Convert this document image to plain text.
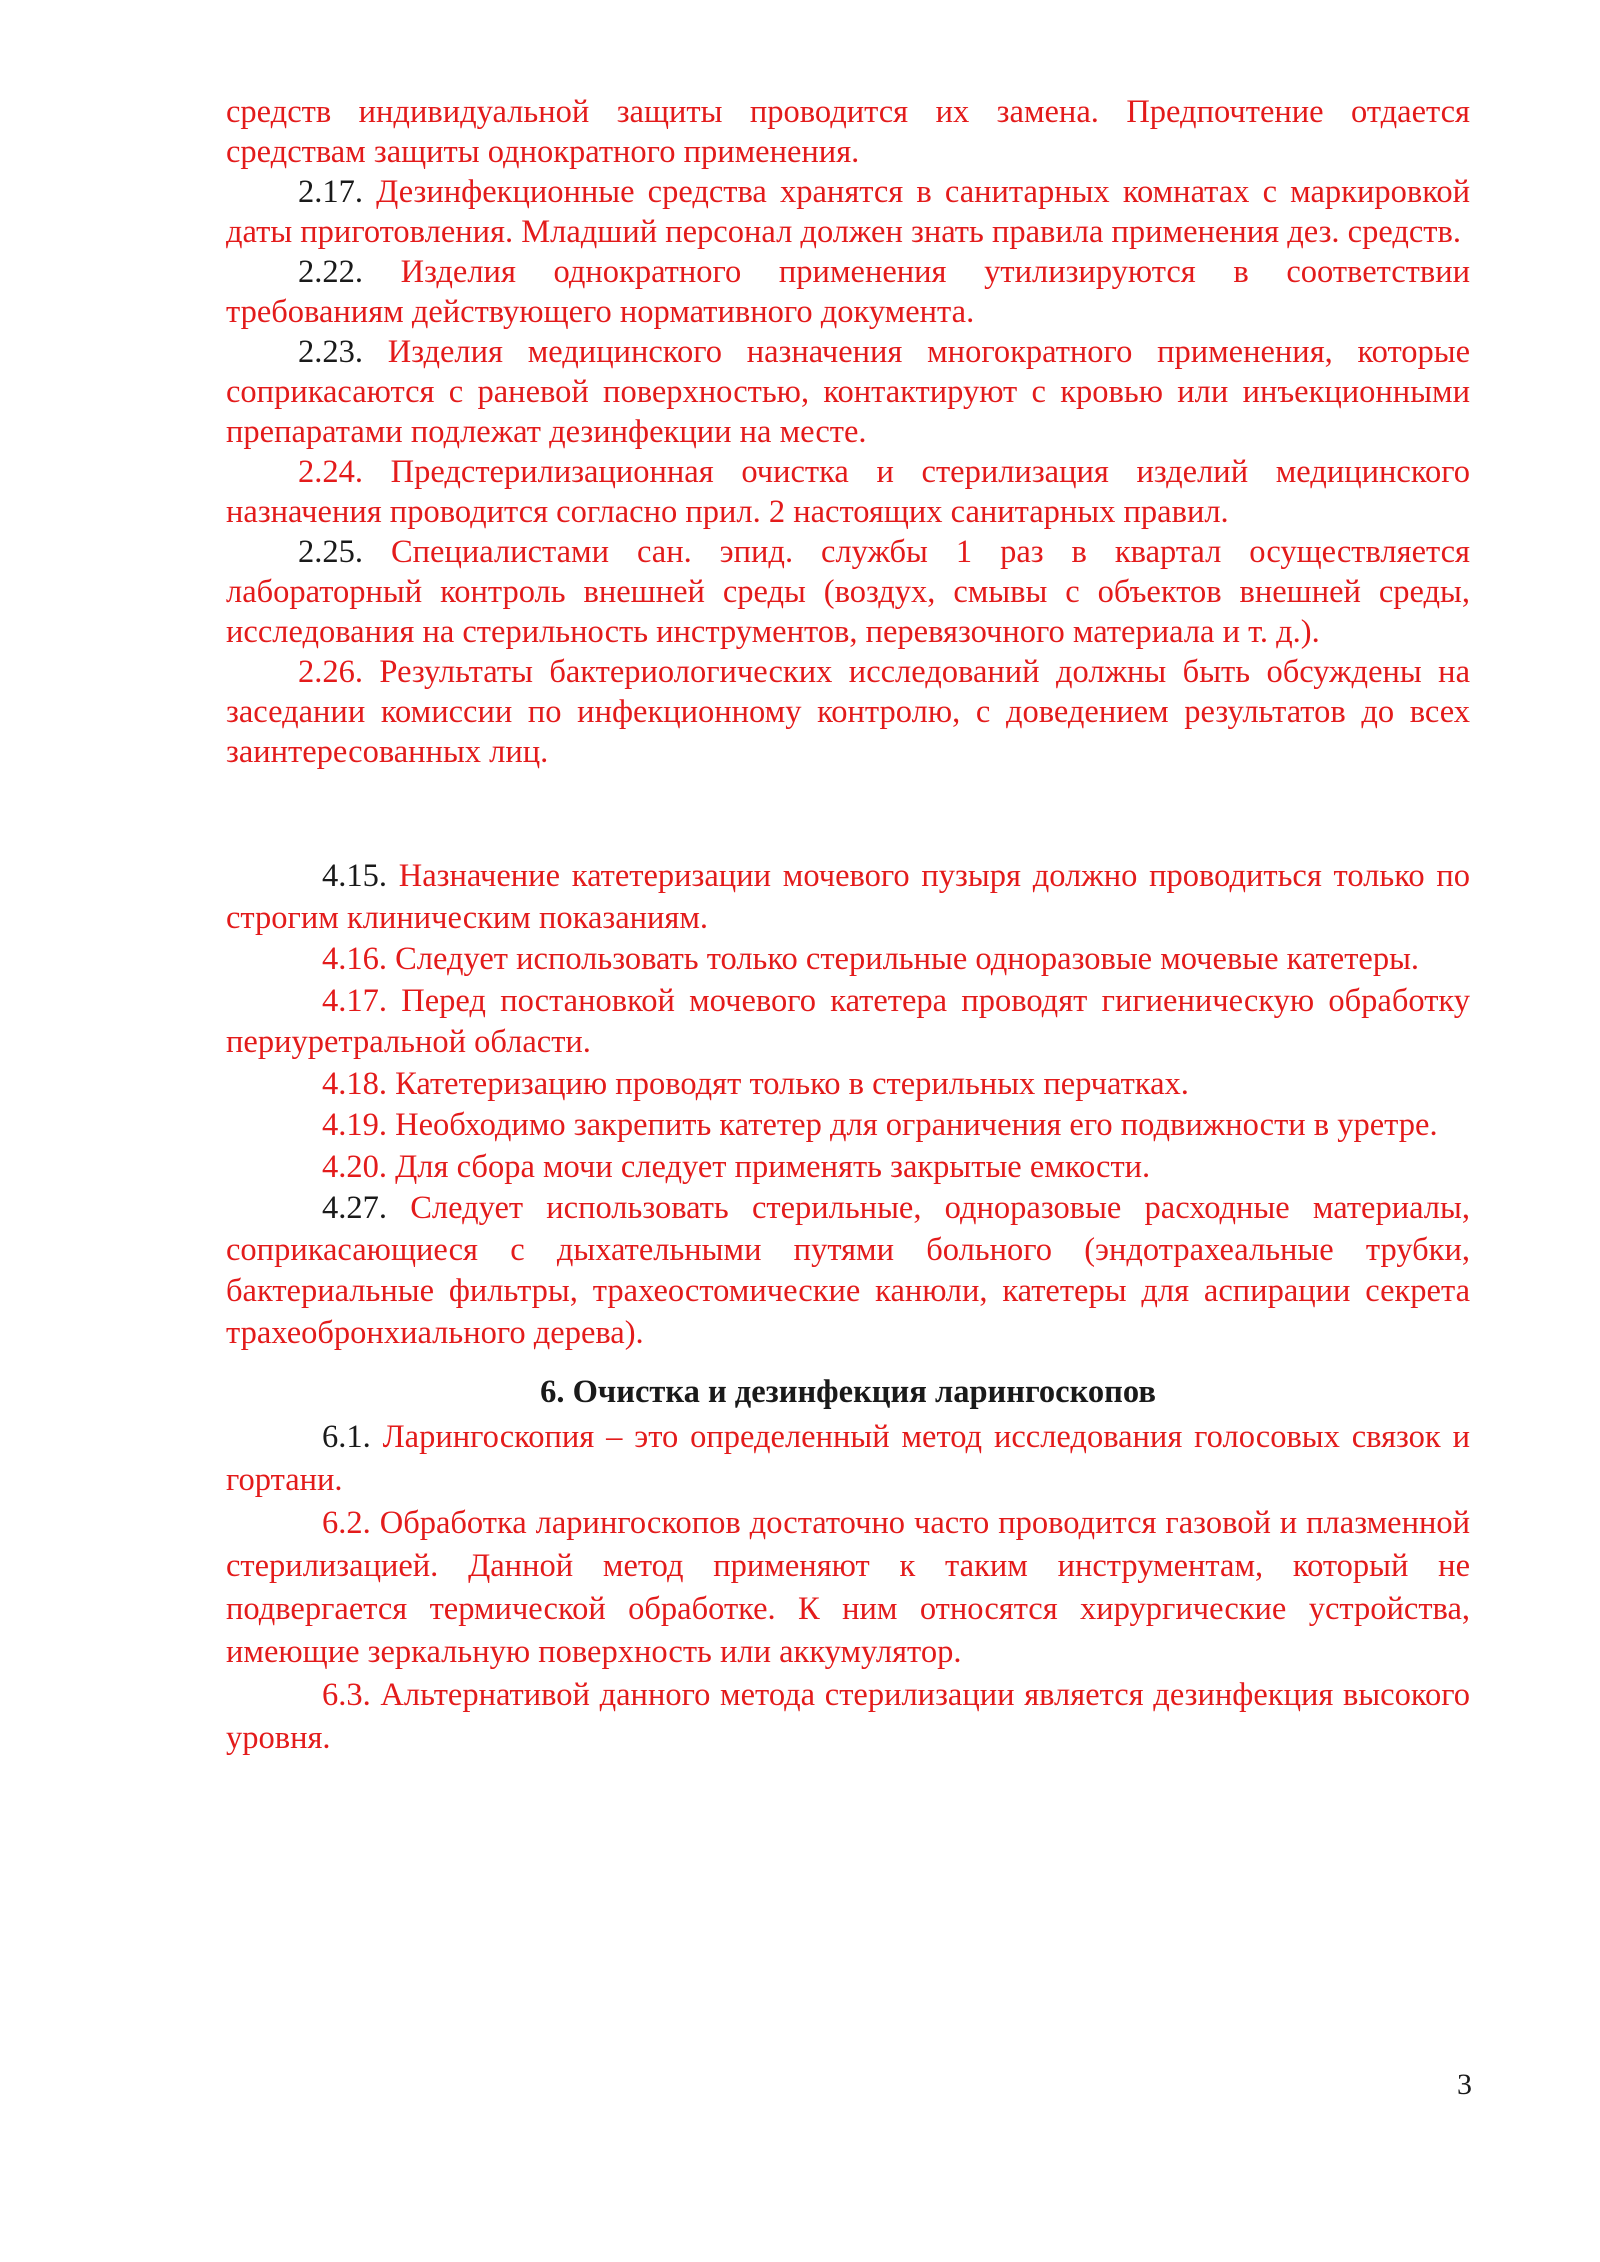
средств индивидуальной защиты проводится их замена. Предпочтение отдается средствам защиты однократного применения.

2.17. Дезинфекционные средства хранятся в санитарных комнатах с маркировкой даты приготовления. Младший персонал должен знать правила применения дез. средств.

2.22. Изделия однократного применения утилизируются в соответствии требованиям действующего нормативного документа.

2.23. Изделия медицинского назначения многократного применения, которые соприкасаются с раневой поверхностью, контактируют с кровью или инъекционными препаратами подлежат дезинфекции на месте.

2.24. Предстерилизационная очистка и стерилизация изделий медицинского назначения проводится согласно прил. 2 настоящих санитарных правил.

2.25. Специалистами сан. эпид. службы 1 раз в квартал осуществляется лабораторный контроль внешней среды (воздух, смывы с объектов внешней среды, исследования на стерильность инструментов, перевязочного материала и т. д.).

2.26. Результаты бактериологических исследований должны быть обсуждены на заседании комиссии по инфекционному контролю, с доведением результатов до всех заинтересованных лиц.

4.15. Назначение катетеризации мочевого пузыря должно проводиться только по строгим клиническим показаниям.

4.16. Следует использовать только стерильные одноразовые мочевые катетеры.

4.17. Перед постановкой мочевого катетера проводят гигиеническую обработку периуретральной области.

4.18. Катетеризацию проводят только в стерильных перчатках.

4.19. Необходимо закрепить катетер для ограничения его подвижности в уретре.

4.20. Для сбора мочи следует применять закрытые емкости.

4.27. Следует использовать стерильные, одноразовые расходные материалы, соприкасающиеся с дыхательными путями больного (эндотрахеальные трубки, бактериальные фильтры, трахеостомические канюли, катетеры для аспирации секрета трахеобронхиального дерева).

6. Очистка и дезинфекция ларингоскопов

6.1. Ларингоскопия – это определенный метод исследования голосовых связок и гортани.

6.2. Обработка ларингоскопов достаточно часто проводится газовой и плазменной стерилизацией. Данной метод применяют к таким инструментам, который не подвергается термической обработке. К ним относятся хирургические устройства, имеющие зеркальную поверхность или аккумулятор.

6.3. Альтернативой данного метода стерилизации является дезинфекция высокого уровня.

3
